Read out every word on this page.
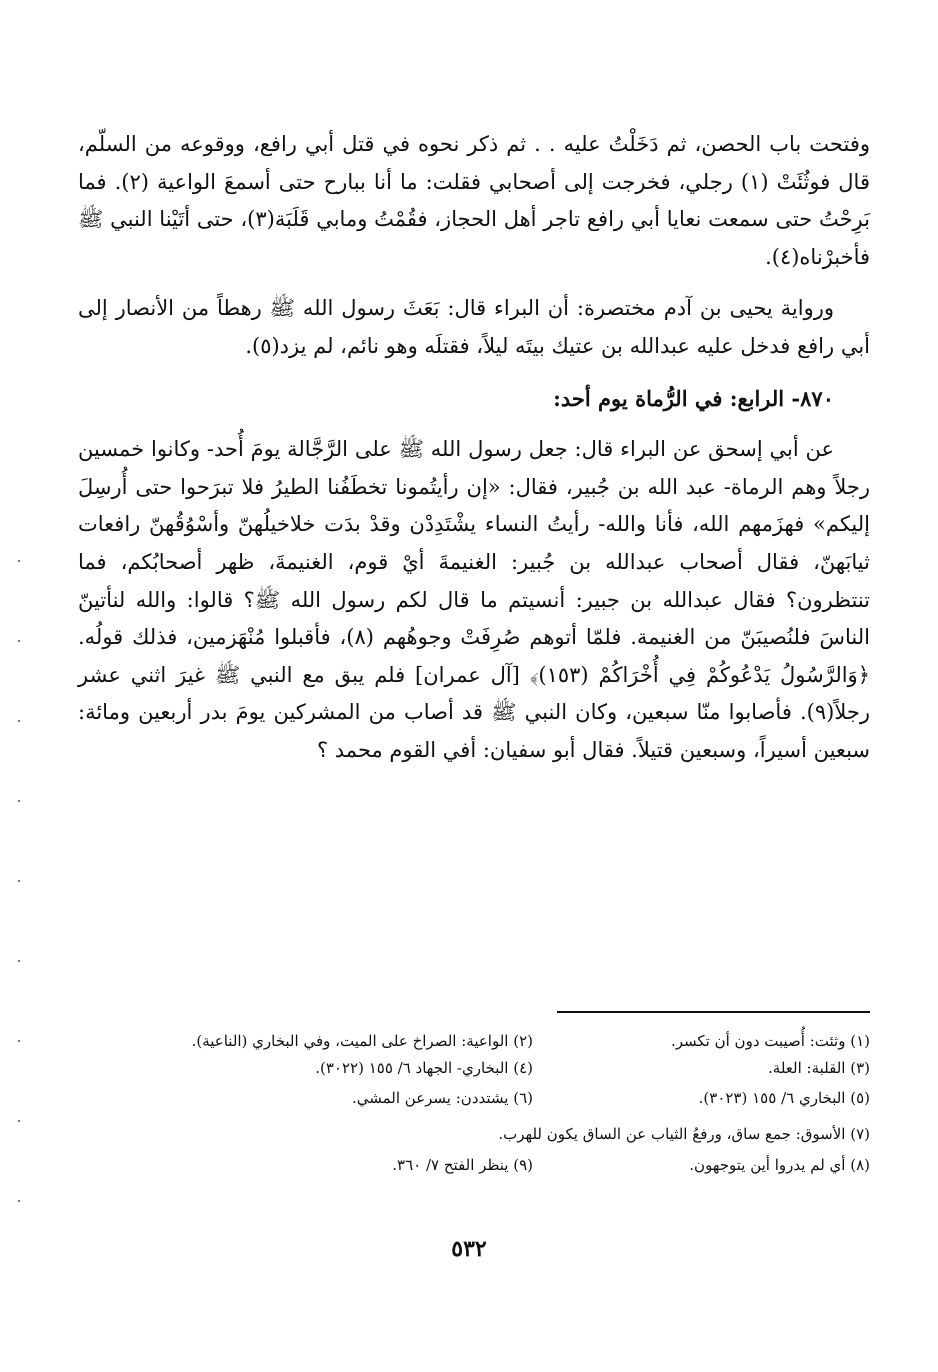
وفتحت باب الحصن، ثم دَخَلْتُ عليه . . ثم ذكر نحوه في قتل أبي رافع، ووقوعه من السلّم، قال فوثُئَتْ (١) رجلي، فخرجت إلى أصحابي فقلت: ما أنا ببارح حتى أسمعَ الواعية (٢). فما بَرِحْتُ حتى سمعت نعايا أبي رافع تاجر أهل الحجاز، فقُمْتُ ومابي قَلَبَة(٣)، حتى أتَيْنا النبي ﷺ فأخبرْناه(٤).

ورواية يحيى بن آدم مختصرة: أن البراء قال: بَعَثَ رسول الله ﷺ رهطاً من الأنصار إلى أبي رافع فدخل عليه عبدالله بن عتيك بيتَه ليلاً، فقتلَه وهو نائم، لم يزد(٥).

٨٧٠- الرابع: في الرُّماة يوم أحد:

عن أبي إسحق عن البراء قال: جعل رسول الله ﷺ على الرَّجَّالة يومَ أُحد- وكانوا خمسين رجلاً وهم الرماة- عبد الله بن جُبير، فقال: «إن رأيتُمونا تخطَفُنا الطيرُ فلا تبرَحوا حتى أُرسِلَ إليكم» فهزَمهم الله، فأنا والله- رأيتُ النساء يشْتَدِدْن وقدْ بدَت خلاخيلُهنّ وأسْوُقُهنّ رافعات ثيابَهنّ، فقال أصحاب عبدالله بن جُبير: الغنيمةَ أيْ قوم، الغنيمةَ، ظهر أصحابُكم، فما تنتظرون؟ فقال عبدالله بن جبير: أنسيتم ما قال لكم رسول الله ﷺ؟ قالوا: والله لنأتينّ الناسَ فلنُصيبَنّ من الغنيمة. فلمّا أتوهم صُرِفَتْ وجوهُهم (٨)، فأقبلوا مُنْهَزمين، فذلك قولُه. ﴿وَالرَّسُولُ يَدْعُوكُمْ فِي أُخْرَاكُمْ (١٥٣)﴾ [آل عمران] فلم يبق مع النبي ﷺ غيرَ اثني عشر رجلاً(٩). فأصابوا منّا سبعين، وكان النبي ﷺ قد أصاب من المشركين يومَ بدر أربعين ومائة: سبعين أسيراً، وسبعين قتيلاً. فقال أبو سفيان: أفي القوم محمد ؟

(١) وثئت: أُصيبت دون أن تكسر.
(٢) الواعية: الصراخ على الميت، وفي البخاري (الناعية).
(٣) القلبة: العلة.
(٤) البخاري- الجهاد ٦/ ١٥٥ (٣٠٢٢).
(٥) البخاري ٦/ ١٥٥ (٣٠٢٣).
(٦) يشتددن: يسرعن المشي.
(٧) الأسوق: جمع ساق، ورفعُ الثياب عن الساق يكون للهرب.
(٨) أي لم يدروا أين يتوجهون.
(٩) ينظر الفتح ٧/ ٣٦٠.
٥٣٢
